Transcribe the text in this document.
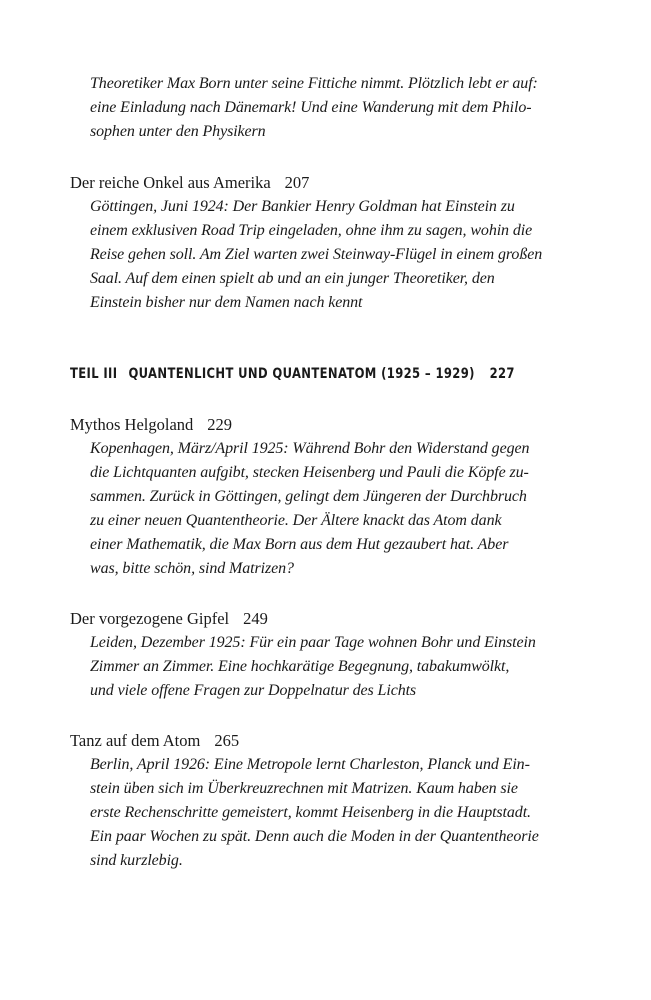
Theoretiker Max Born unter seine Fittiche nimmt. Plötzlich lebt er auf:
eine Einladung nach Dänemark! Und eine Wanderung mit dem Philo-
sophen unter den Physikern

Der reiche Onkel aus Amerika 207

Göttingen, Juni 1924: Der Bankier Henry Goldman hat Einstein zu
einem exklusiven Road Trip eingeladen, ohne ihm zu sagen, wohin die
Reise gehen soll. Am Ziel warten zwei Steinway-Flügel in einem großen
Saal. Auf dem einen spielt ab und an ein junger Theoretiker, den
Einstein bisher nur dem Namen nach kennt

TEIL III QUANTENLICHT UND QUANTENATOM (1925 – 1929) 227

Mythos Helgoland 229

Kopenhagen, März/April 1925: Während Bohr den Widerstand gegen
die Lichtquanten aufgibt, stecken Heisenberg und Pauli die Köpfe zu-
sammen. Zurück in Göttingen, gelingt dem Jüngeren der Durchbruch
zu einer neuen Quantentheorie. Der Ältere knackt das Atom dank
einer Mathematik, die Max Born aus dem Hut gezaubert hat. Aber
was, bitte schön, sind Matrizen?

Der vorgezogene Gipfel 249

Leiden, Dezember 1925: Für ein paar Tage wohnen Bohr und Einstein
Zimmer an Zimmer. Eine hochkarätige Begegnung, tabakumwölkt,
und viele offene Fragen zur Doppelnatur des Lichts

Tanz auf dem Atom 265

Berlin, April 1926: Eine Metropole lernt Charleston, Planck und Ein-
stein üben sich im Überkreuzrechnen mit Matrizen. Kaum haben sie
erste Rechenschritte gemeistert, kommt Heisenberg in die Hauptstadt.
Ein paar Wochen zu spät. Denn auch die Moden in der Quantentheorie
sind kurzlebig.
